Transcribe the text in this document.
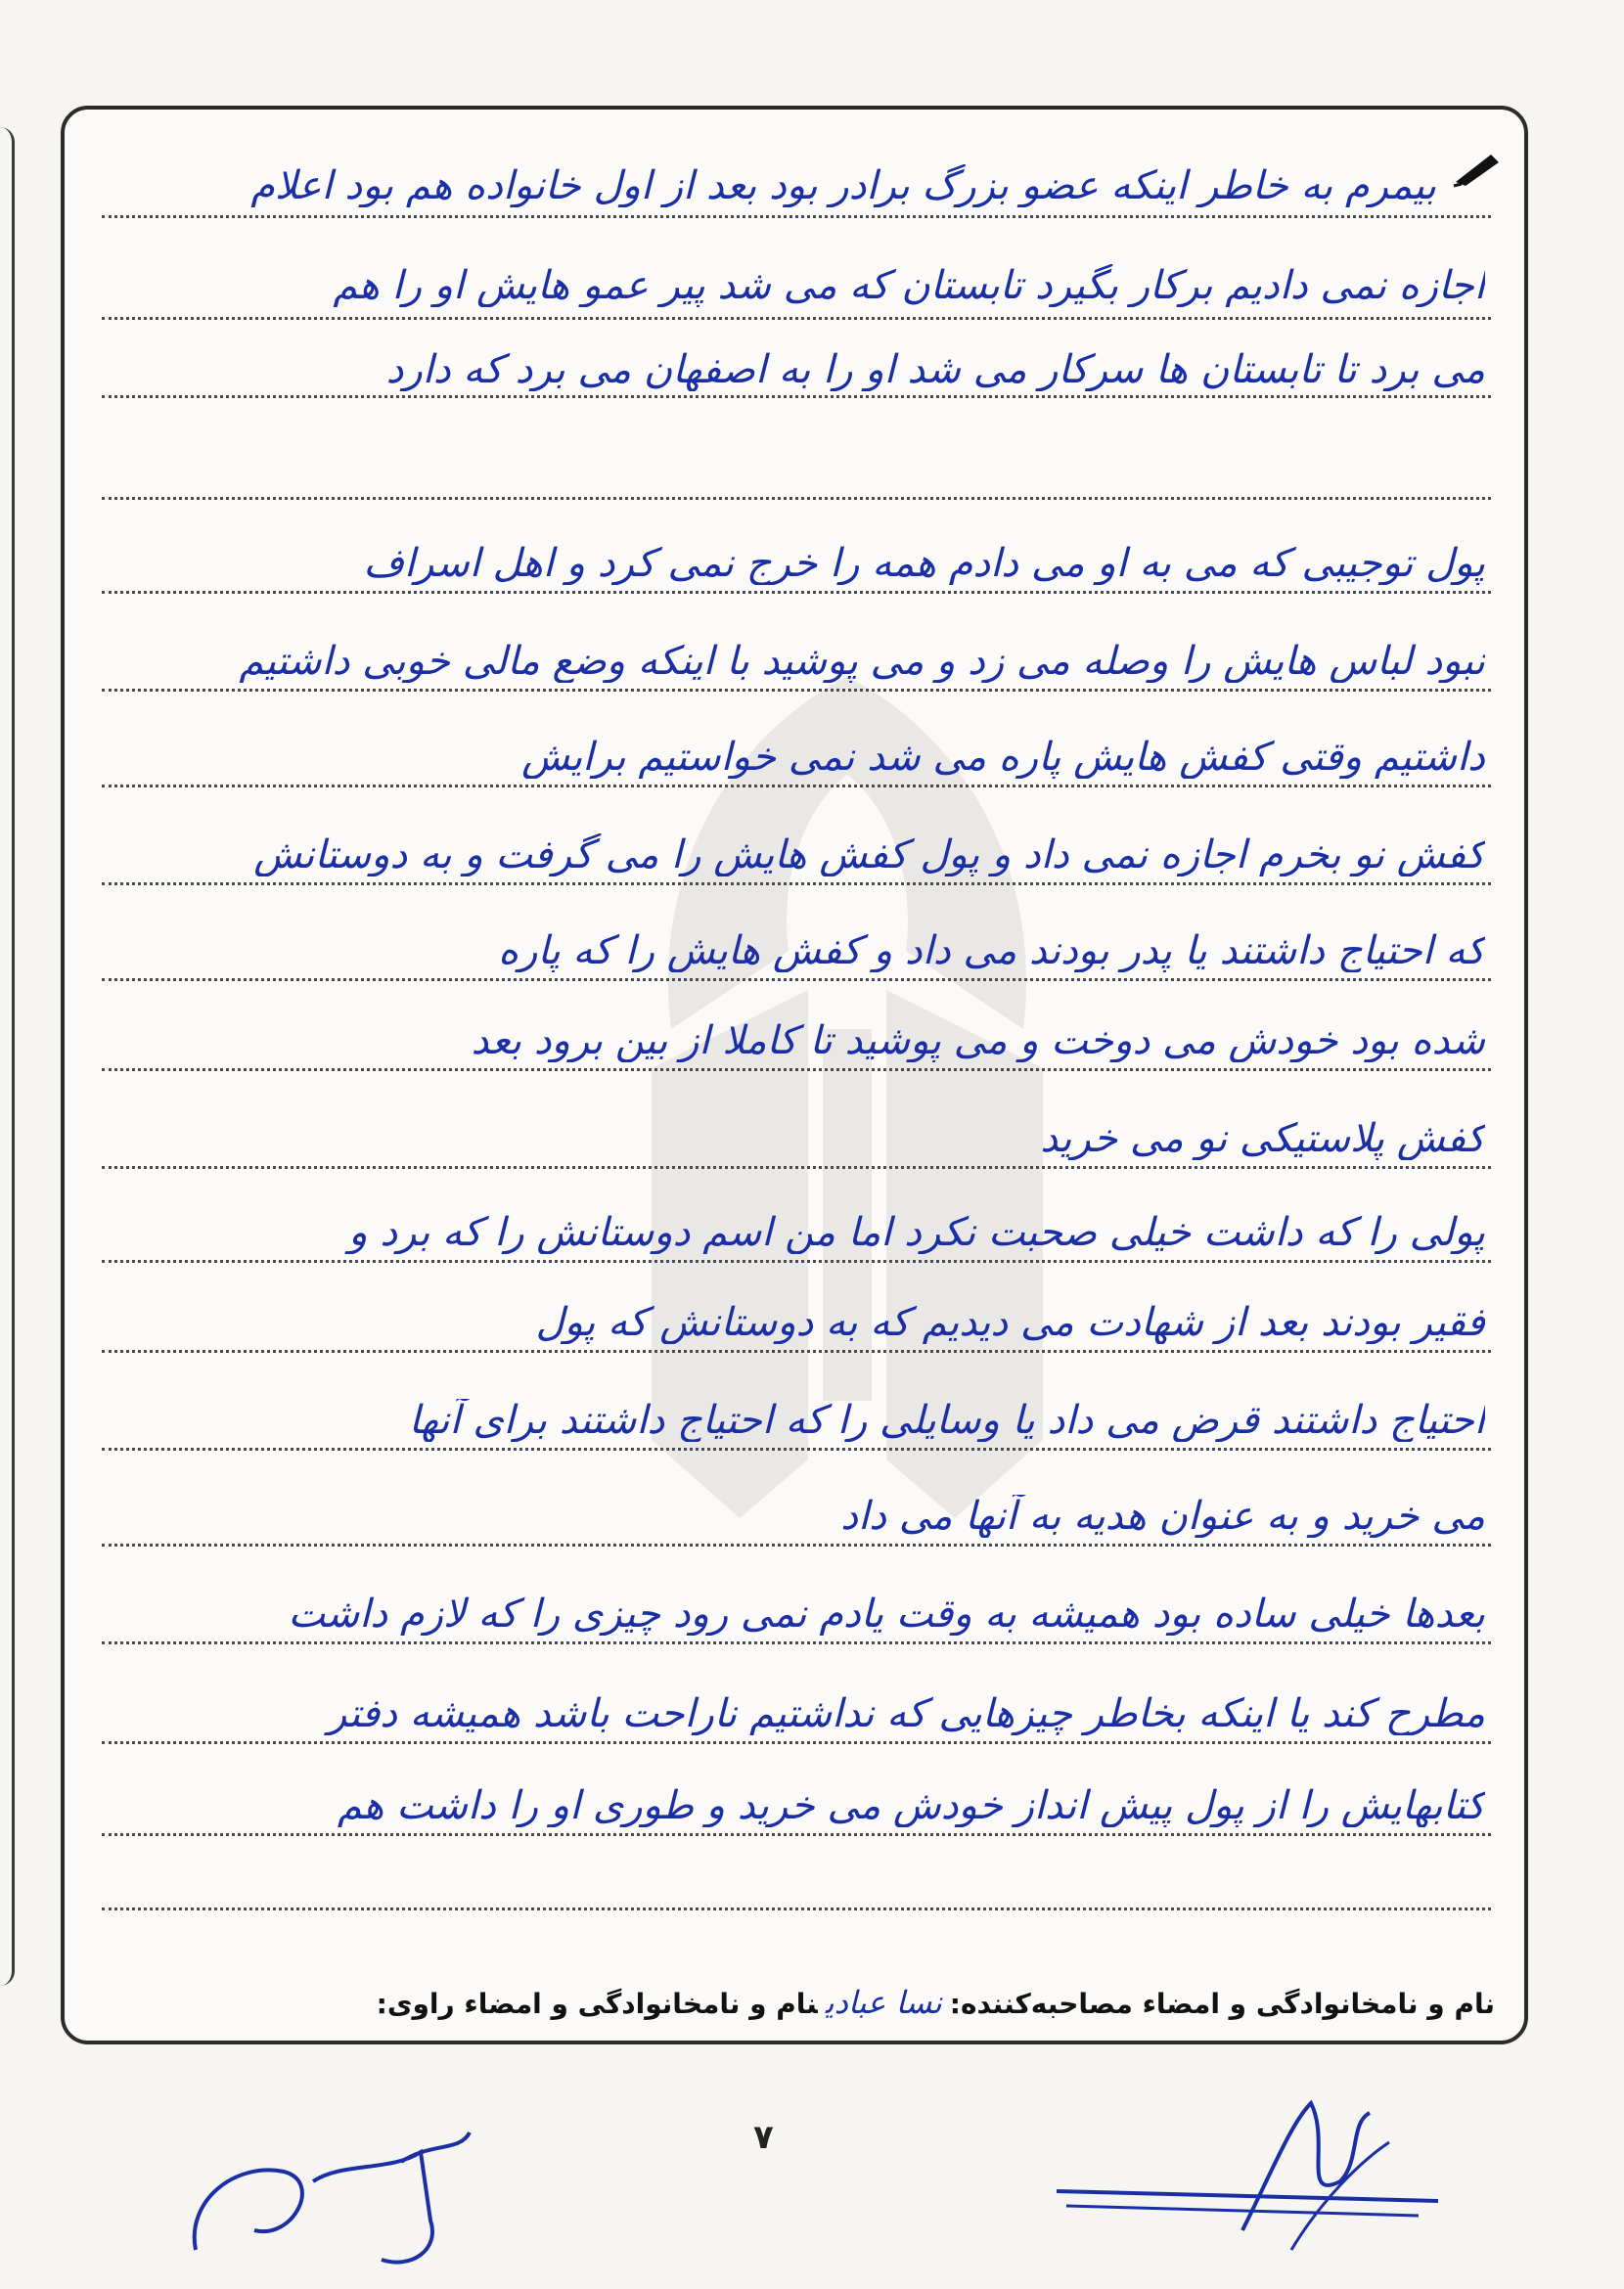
بیمرم به خاطر اینکه عضو بزرگ برادر بود بعد از اول خانواده هم بود اعلام
اجازه نمی دادیم برکار بگیرد تابستان که می شد پیر عمو هایش او را هم
می برد تا تابستان ها سرکار می شد او را به اصفهان می برد که دارد
پول توجیبی که می به او می دادم همه را خرج نمی کرد و اهل اسراف
نبود لباس هایش را وصله می زد و می پوشید با اینکه وضع مالی خوبی داشتیم
داشتیم وقتی کفش هایش پاره می شد نمی خواستیم برایش
کفش نو بخرم اجازه نمی داد و پول کفش هایش را می گرفت و به دوستانش
که احتیاج داشتند یا پدر بودند می داد و کفش هایش را که پاره
شده بود خودش می دوخت و می پوشید تا کاملا از بین برود بعد
کفش پلاستیکی نو می خرید
پولی را که داشت خیلی صحبت نکرد اما من اسم دوستانش را که برد و
فقیر بودند بعد از شهادت می دیدیم که به دوستانش که پول
احتیاج داشتند قرض می داد یا وسایلی را که احتیاج داشتند برای آنها
می خرید و به عنوان هدیه به آنها می داد
بعدها خیلی ساده بود همیشه به وقت یادم نمی رود چیزی را که لازم داشت
مطرح کند یا اینکه بخاطر چیزهایی که نداشتیم ناراحت باشد همیشه دفتر
کتابهایش را از پول پیش انداز خودش می خرید و طوری او را داشت هم
نام و نامخانوادگی و امضاء مصاحبه‌کننده:نسا عبادینام و نامخانوادگی و امضاء راوی:
۷
